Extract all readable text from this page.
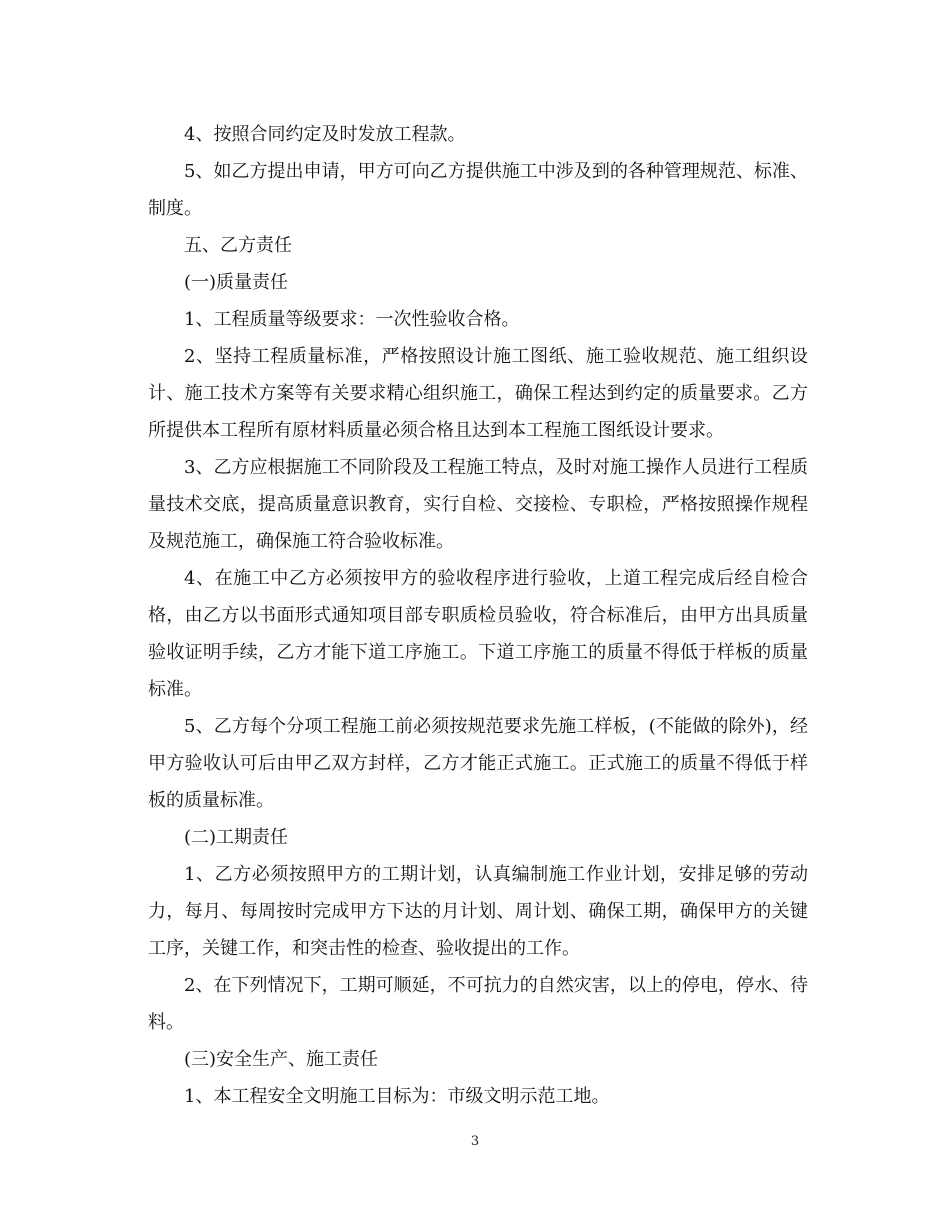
4、按照合同约定及时发放工程款。

5、如乙方提出申请，甲方可向乙方提供施工中涉及到的各种管理规范、标准、制度。

五、乙方责任

(一)质量责任

1、工程质量等级要求：一次性验收合格。

2、坚持工程质量标准，严格按照设计施工图纸、施工验收规范、施工组织设计、施工技术方案等有关要求精心组织施工，确保工程达到约定的质量要求。乙方所提供本工程所有原材料质量必须合格且达到本工程施工图纸设计要求。

3、乙方应根据施工不同阶段及工程施工特点，及时对施工操作人员进行工程质量技术交底，提高质量意识教育，实行自检、交接检、专职检，严格按照操作规程及规范施工，确保施工符合验收标准。

4、在施工中乙方必须按甲方的验收程序进行验收，上道工程完成后经自检合格，由乙方以书面形式通知项目部专职质检员验收，符合标准后，由甲方出具质量验收证明手续，乙方才能下道工序施工。下道工序施工的质量不得低于样板的质量标准。

5、乙方每个分项工程施工前必须按规范要求先施工样板，(不能做的除外)，经甲方验收认可后由甲乙双方封样，乙方才能正式施工。正式施工的质量不得低于样板的质量标准。

(二)工期责任

1、乙方必须按照甲方的工期计划，认真编制施工作业计划，安排足够的劳动力，每月、每周按时完成甲方下达的月计划、周计划、确保工期，确保甲方的关键工序，关键工作，和突击性的检查、验收提出的工作。

2、在下列情况下，工期可顺延，不可抗力的自然灾害，以上的停电，停水、待料。

(三)安全生产、施工责任

1、本工程安全文明施工目标为：市级文明示范工地。

3
